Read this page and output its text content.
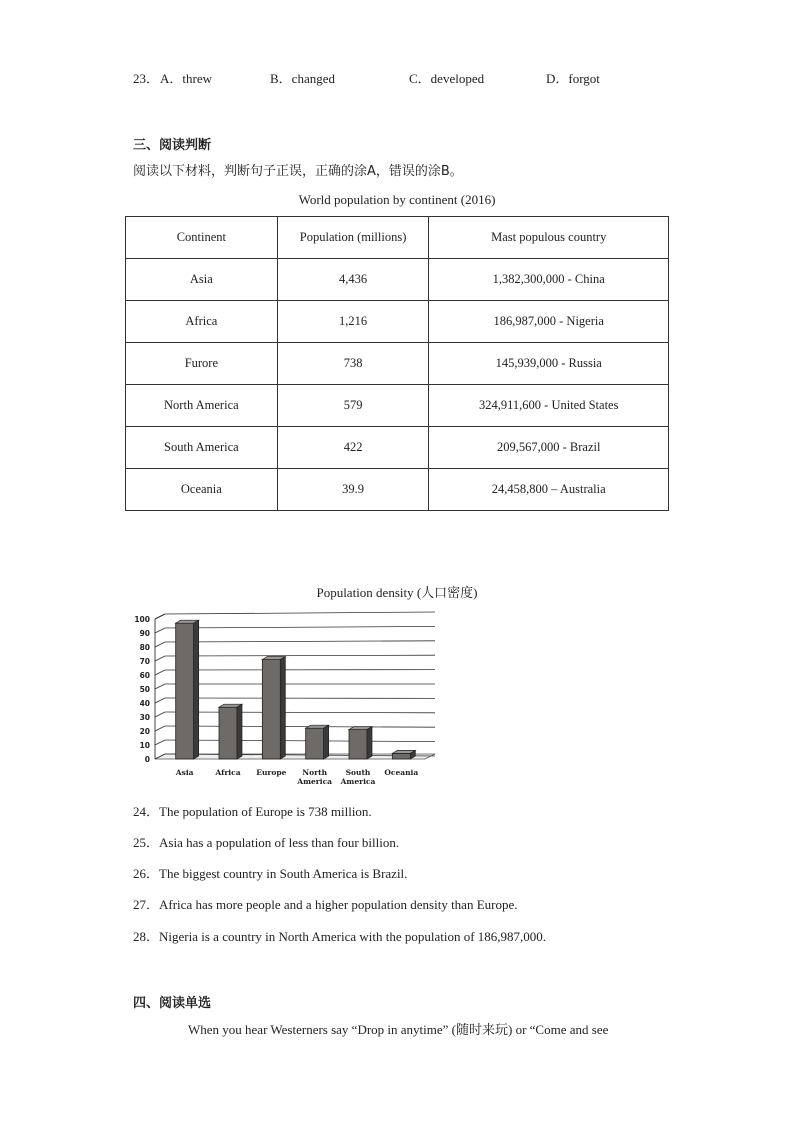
23． A．threw	B．changed	C．developed	D．forgot
三、阅读判断
阅读以下材料，判断句子正误，正确的涂A，错误的涂B。
World population by continent (2016)
Continent	Population (millions)	Mast populous country
Asia	4,436	1,382,300,000 - China
Africa	1,216	186,987,000 - Nigeria
Furore	738	145,939,000 - Russia
North America	579	324,911,600 - United States
South America	422	209,567,000 - Brazil
Oceania	39.9	24,458,800 – Australia
Population density (人口密度)
0
10
20
30
40
50
60
70
80
90
100
Asia	Africa Europe North
America
South
America
Oceania
24．The population of Europe is 738 million.
25．Asia has a population of less than four billion.
26．The biggest country in South America is Brazil.
27．Africa has more people and a higher population density than Europe.
28．Nigeria is a country in North America with the population of 186,987,000.
四、阅读单选
When you hear Westerners say “Drop in anytime” (随时来玩) or “Come and see
